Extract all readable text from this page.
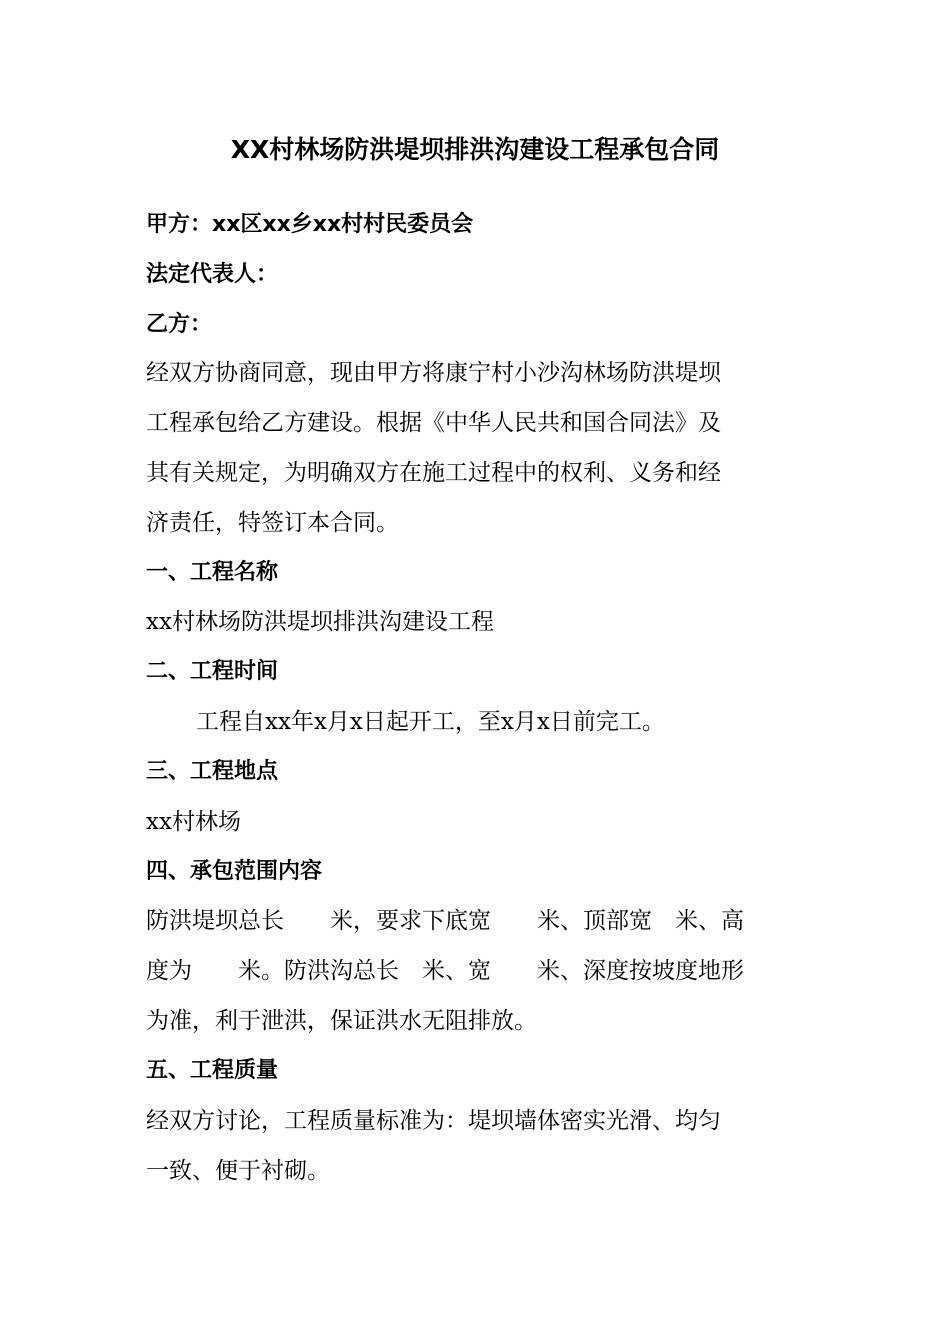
XX村林场防洪堤坝排洪沟建设工程承包合同
甲方：xx区xx乡xx村村民委员会
法定代表人：
乙方：
经双方协商同意，现由甲方将康宁村小沙沟林场防洪堤坝
工程承包给乙方建设。根据《中华人民共和国合同法》及
其有关规定，为明确双方在施工过程中的权利、义务和经
济责任，特签订本合同。
一、工程名称
xx村林场防洪堤坝排洪沟建设工程
二、工程时间
工程自xx年x月x日起开工，至x月x日前完工。
三、工程地点
xx村林场
四、承包范围内容
防洪堤坝总长　　米，要求下底宽　　米、顶部宽　米、高
度为　　米。防洪沟总长　米、宽　　米、深度按坡度地形
为准，利于泄洪，保证洪水无阻排放。
五、工程质量
经双方讨论，工程质量标准为：堤坝墙体密实光滑、均匀
一致、便于衬砌。
